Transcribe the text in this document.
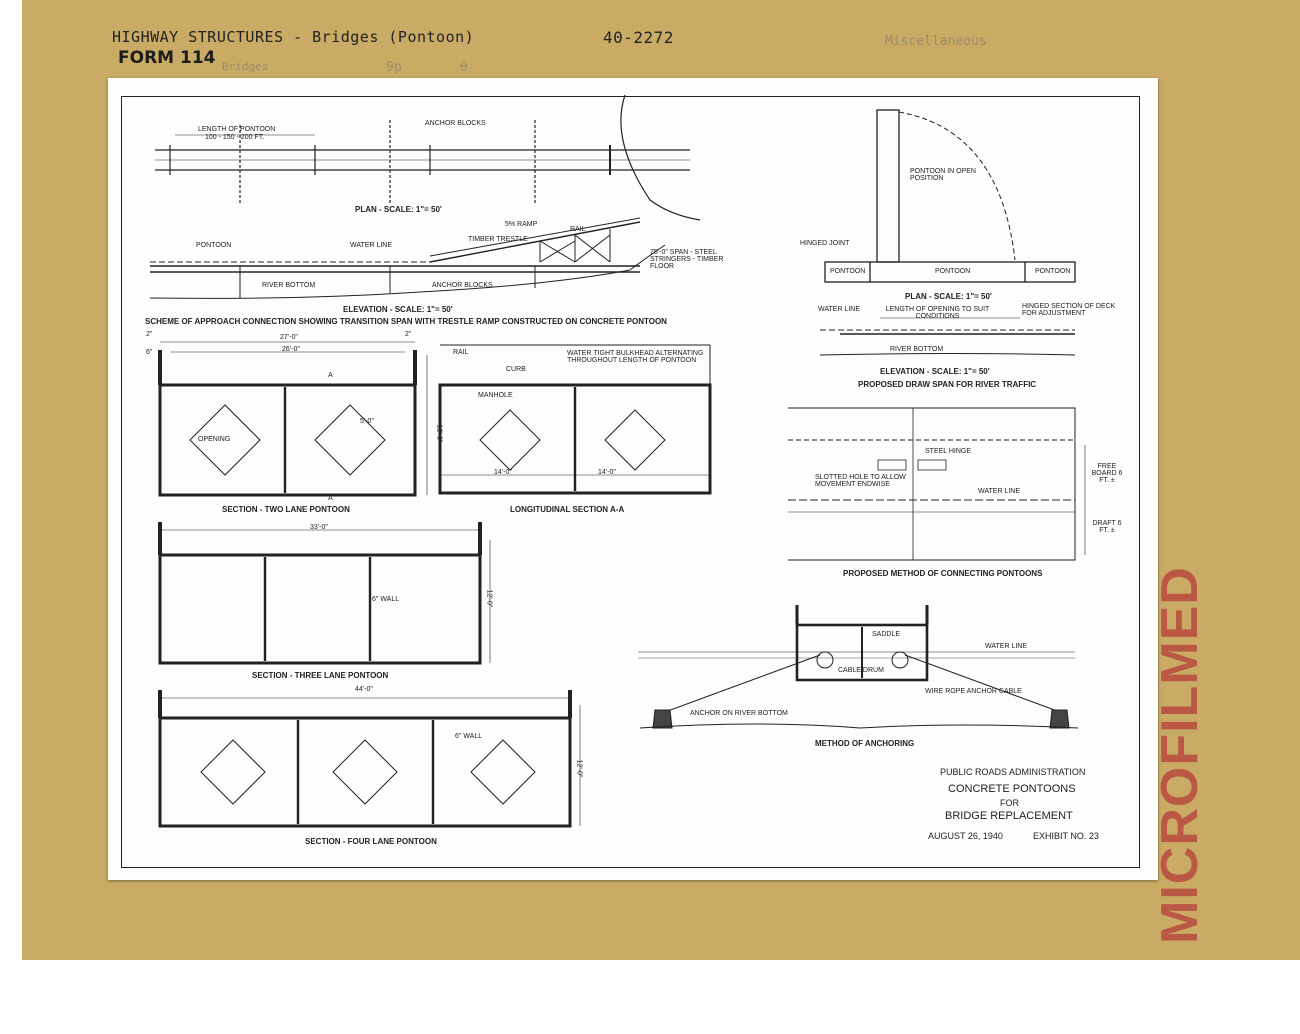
HIGHWAY STRUCTURES - Bridges (Pontoon)	40-2272
FORM 114
Miscellaneous
Bridges	9p	0
LENGTH OF PONTOON
100 - 150 - 200 FT.
ANCHOR BLOCKS
PLAN - SCALE: 1"= 50'
5% RAMP
RAIL
TIMBER TRESTLE
75'-0" SPAN - STEEL STRINGERS - TIMBER FLOOR
PONTOON	WATER LINE
RIVER BOTTOM	ANCHOR BLOCKS
ELEVATION - SCALE: 1"= 50'
SCHEME OF APPROACH CONNECTION SHOWING TRANSITION SPAN WITH TRESTLE RAMP CONSTRUCTED ON CONCRETE PONTOON
PONTOON IN OPEN POSITION
HINGED JOINT
PONTOON	PONTOON	PONTOON
PLAN - SCALE: 1"= 50'
WATER LINE	LENGTH OF OPENING TO SUIT CONDITIONS
HINGED SECTION OF DECK FOR ADJUSTMENT
RIVER BOTTOM
ELEVATION - SCALE: 1"= 50'
PROPOSED DRAW SPAN FOR RIVER TRAFFIC
27'-0"
26'-0"
2"	2"
6"
12'-0"
OPENING
5'-0"
A
A
SECTION - TWO LANE PONTOON
RAIL
CURB
WATER TIGHT BULKHEAD ALTERNATING THROUGHOUT LENGTH OF PONTOON
MANHOLE
14'-0"	14'-0"
LONGITUDINAL SECTION A-A
STEEL HINGE
SLOTTED HOLE TO ALLOW MOVEMENT ENDWISE
WATER LINE
FREE BOARD 6 FT. ±
DRAFT 6 FT. ±
PROPOSED METHOD OF CONNECTING PONTOONS
33'-0"
6" WALL	12'-0"
SECTION - THREE LANE PONTOON
SADDLE
CABLE DRUM
WATER LINE
WIRE ROPE ANCHOR CABLE
ANCHOR ON RIVER BOTTOM
METHOD OF ANCHORING
44'-0"
6" WALL
12'-0"
SECTION - FOUR LANE PONTOON
PUBLIC ROADS ADMINISTRATION
CONCRETE PONTOONS
FOR
BRIDGE REPLACEMENT
AUGUST 26, 1940	EXHIBIT NO. 23 MICROFILMED
